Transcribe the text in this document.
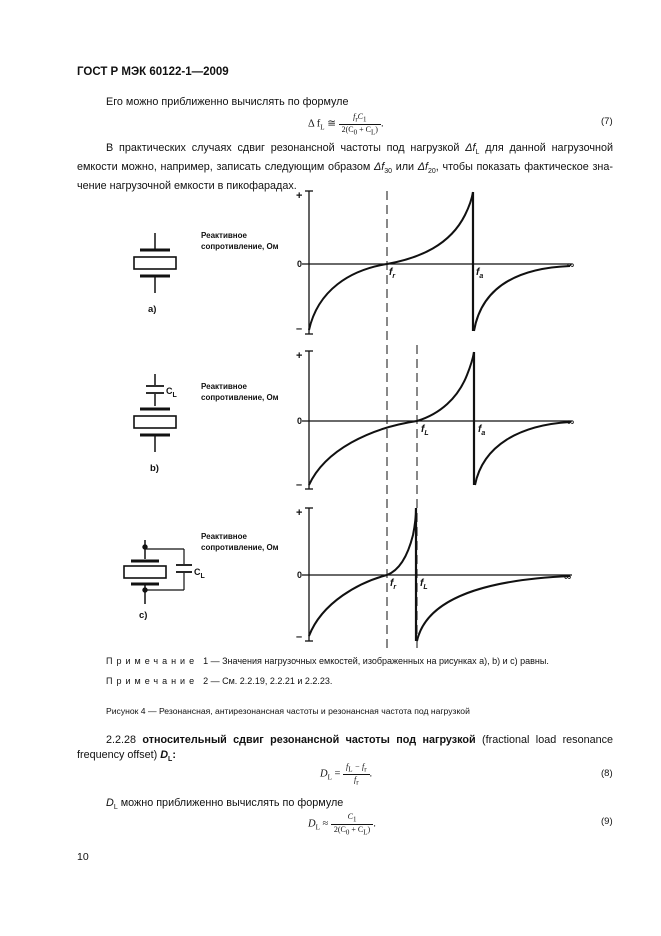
ГОСТ Р МЭК 60122-1—2009
Его можно приближенно вычислять по формуле
Δ $f_L$ ≅ $\frac{f_rC_1}{2(C_0 + C_L)}$ .	(7)
В практических случаях сдвиг резонансной частоты под нагрузкой $\Delta f_L$ для данной нагрузочной
емкости можно, например, записать следующим образом $\Delta f_{30}$ или $\Delta f_{20}$, чтобы показать фактическое зна-
чение нагрузочной емкости в пикофарадах.
Реактивное
сопротивление, Ом
+
0
–
∞
$f_r$	$f_a$
a)
Реактивное
сопротивление, Ом
+
0
–
∞
$f_L$	$f_a$
$C_L$
b)
Реактивное
сопротивление, Ом
+
0
–
∞
$f_r$ $f_L$
$C_L$
c)
Примечание 1 — Значения нагрузочных емкостей, изображенных на рисунках a), b) и c) равны.
Примечание 2 — См. 2.2.19, 2.2.21 и 2.2.23.
Рисунок 4 — Резонансная, антирезонансная частоты и резонансная частота под нагрузкой
2.2.28 относительный сдвиг резонансной частоты под нагрузкой (fractional load resonance
frequency offset) $D_L$:
$D_L = \frac{f_L - f_r}{f_r}$ .	(8)
$D_L$ можно приближенно вычислять по формуле
$D_L \approx \frac{C_1}{2(C_0 + C_L)}$ .	(9)
10
